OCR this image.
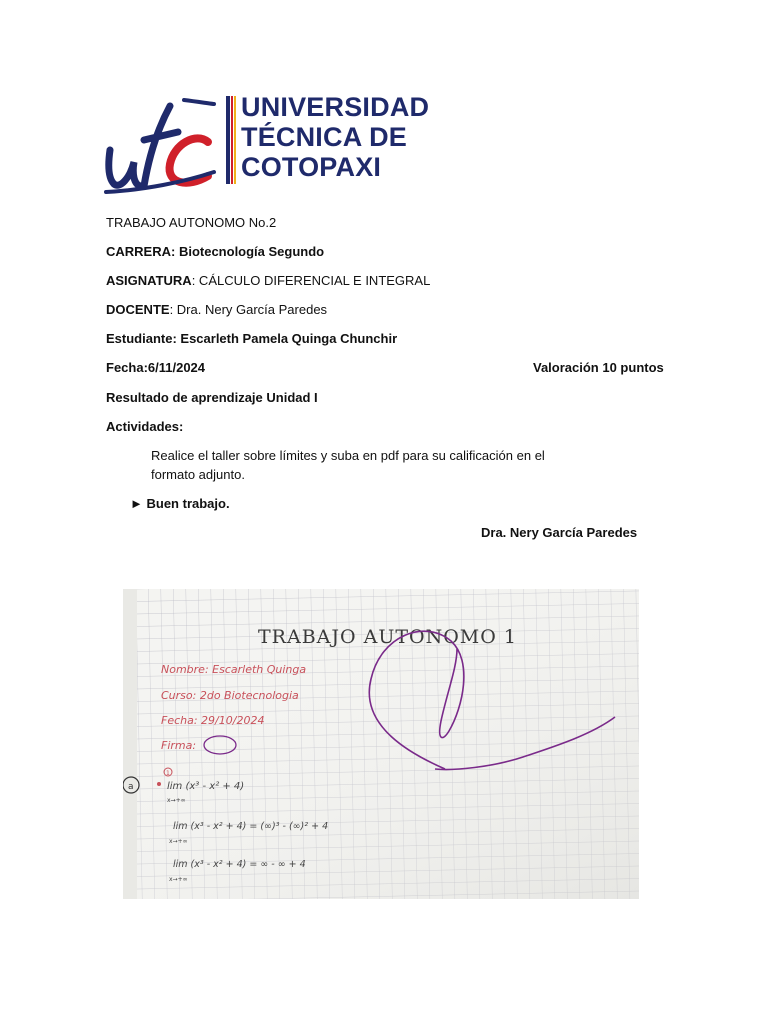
UNIVERSIDAD
TÉCNICA DE
COTOPAXI
TRABAJO AUTONOMO No.2
CARRERA: Biotecnología Segundo
ASIGNATURA: CÁLCULO DIFERENCIAL E INTEGRAL
DOCENTE: Dra. Nery García Paredes
Estudiante: Escarleth Pamela Quinga Chunchir
Fecha:6/11/2024	Valoración 10 puntos
Resultado de aprendizaje Unidad I
Actividades:
Realice el taller sobre límites y suba en pdf para su calificación en el formato adjunto.
► Buen trabajo.
Dra. Nery García Paredes
TRABAJO AUTONOMO 1
Nombre: Escarleth Quinga
Curso: 2do Biotecnologia
Fecha: 29/10/2024
Firma:
a
1
lim (x³ - x² + 4)
x→+∞
lim (x³ - x² + 4) = (∞)³ - (∞)² + 4
x→+∞
lim (x³ - x² + 4) = ∞ - ∞ + 4
x→+∞
